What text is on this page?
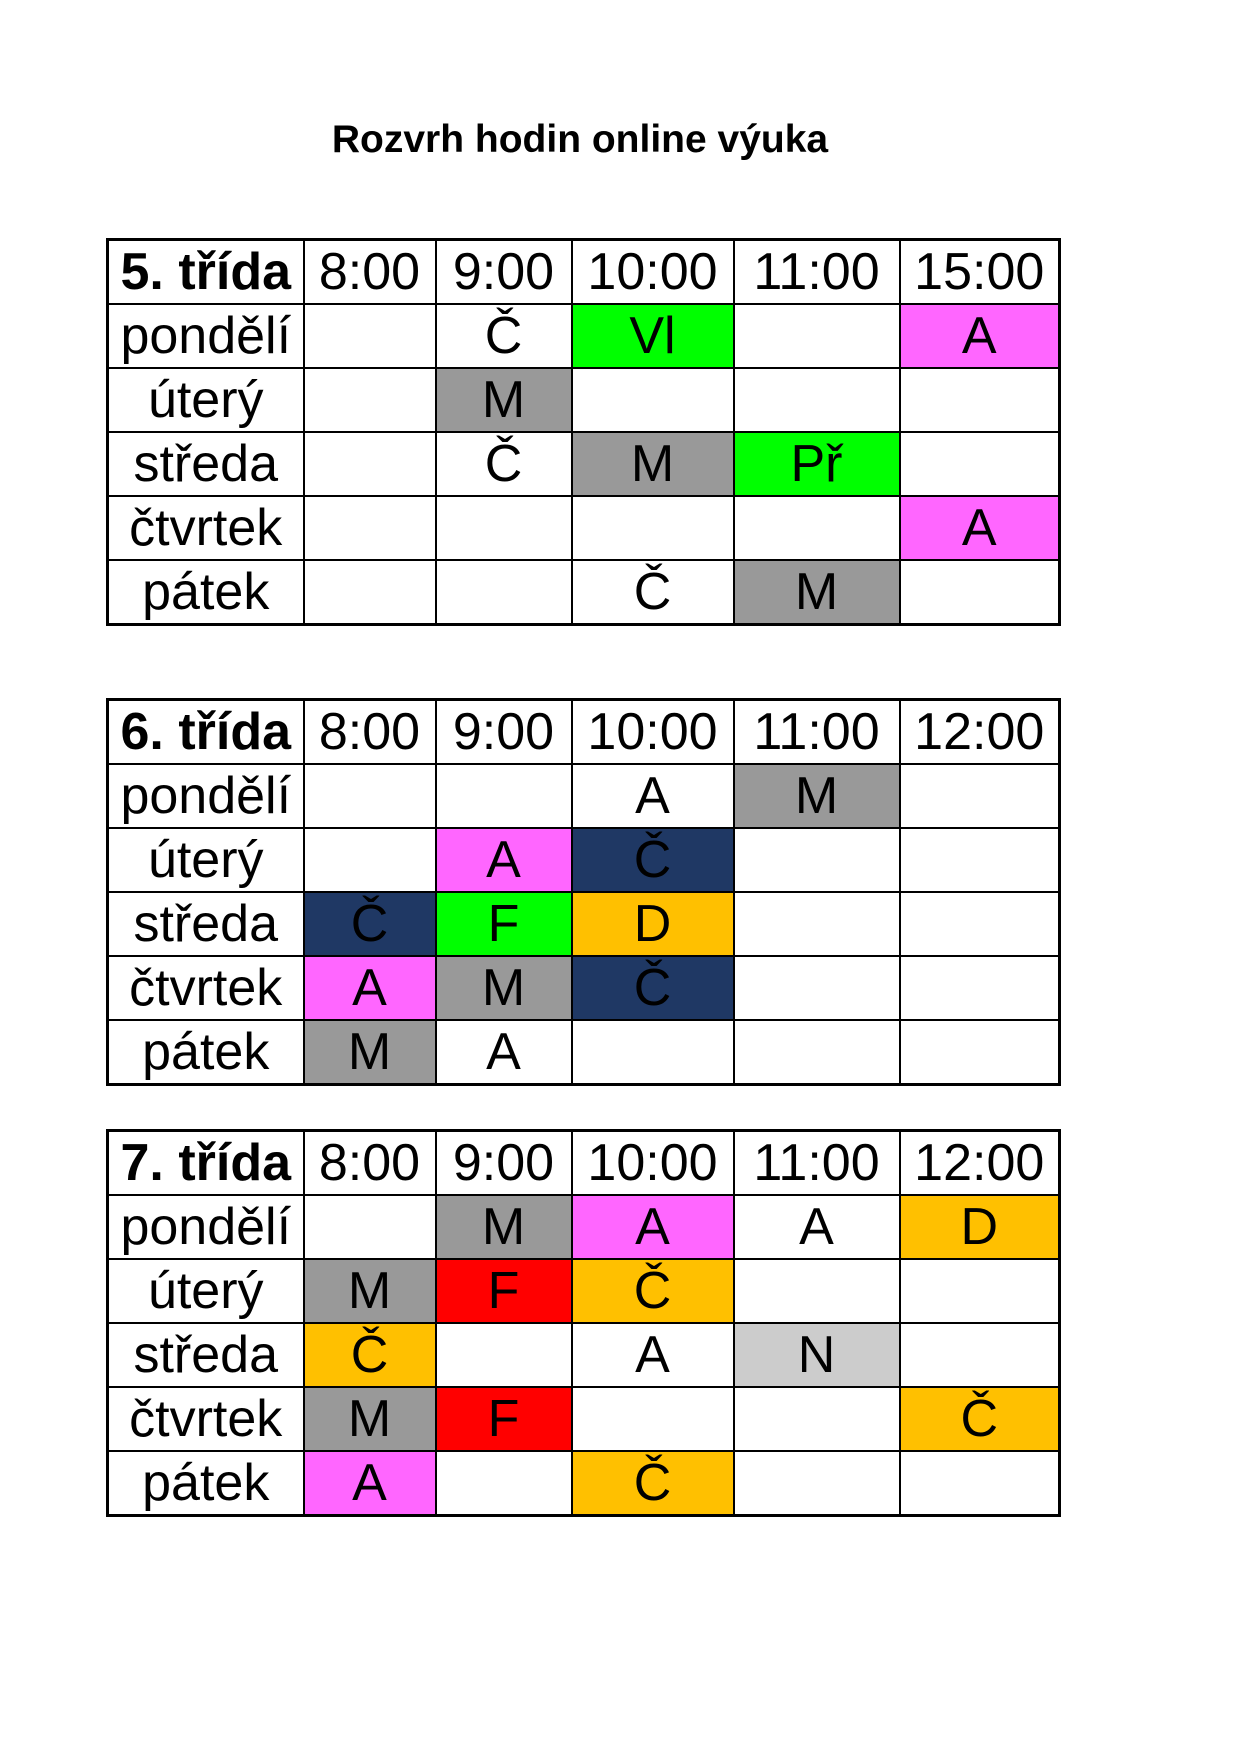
Rozvrh hodin online výuka
5. třída	8:00	9:00	10:00	11:00	15:00
pondělí		Č	Vl		A
úterý		M			
středa		Č	M	Př	
čtvrtek					A
pátek			Č	M	
6. třída	8:00	9:00	10:00	11:00	12:00
pondělí			A	M	
úterý		A	Č		
středa	Č	F	D		
čtvrtek	A	M	Č		
pátek	M	A			
7. třída	8:00	9:00	10:00	11:00	12:00
pondělí		M	A	A	D
úterý	M	F	Č		
středa	Č		A	N	
čtvrtek	M	F			Č
pátek	A		Č		
